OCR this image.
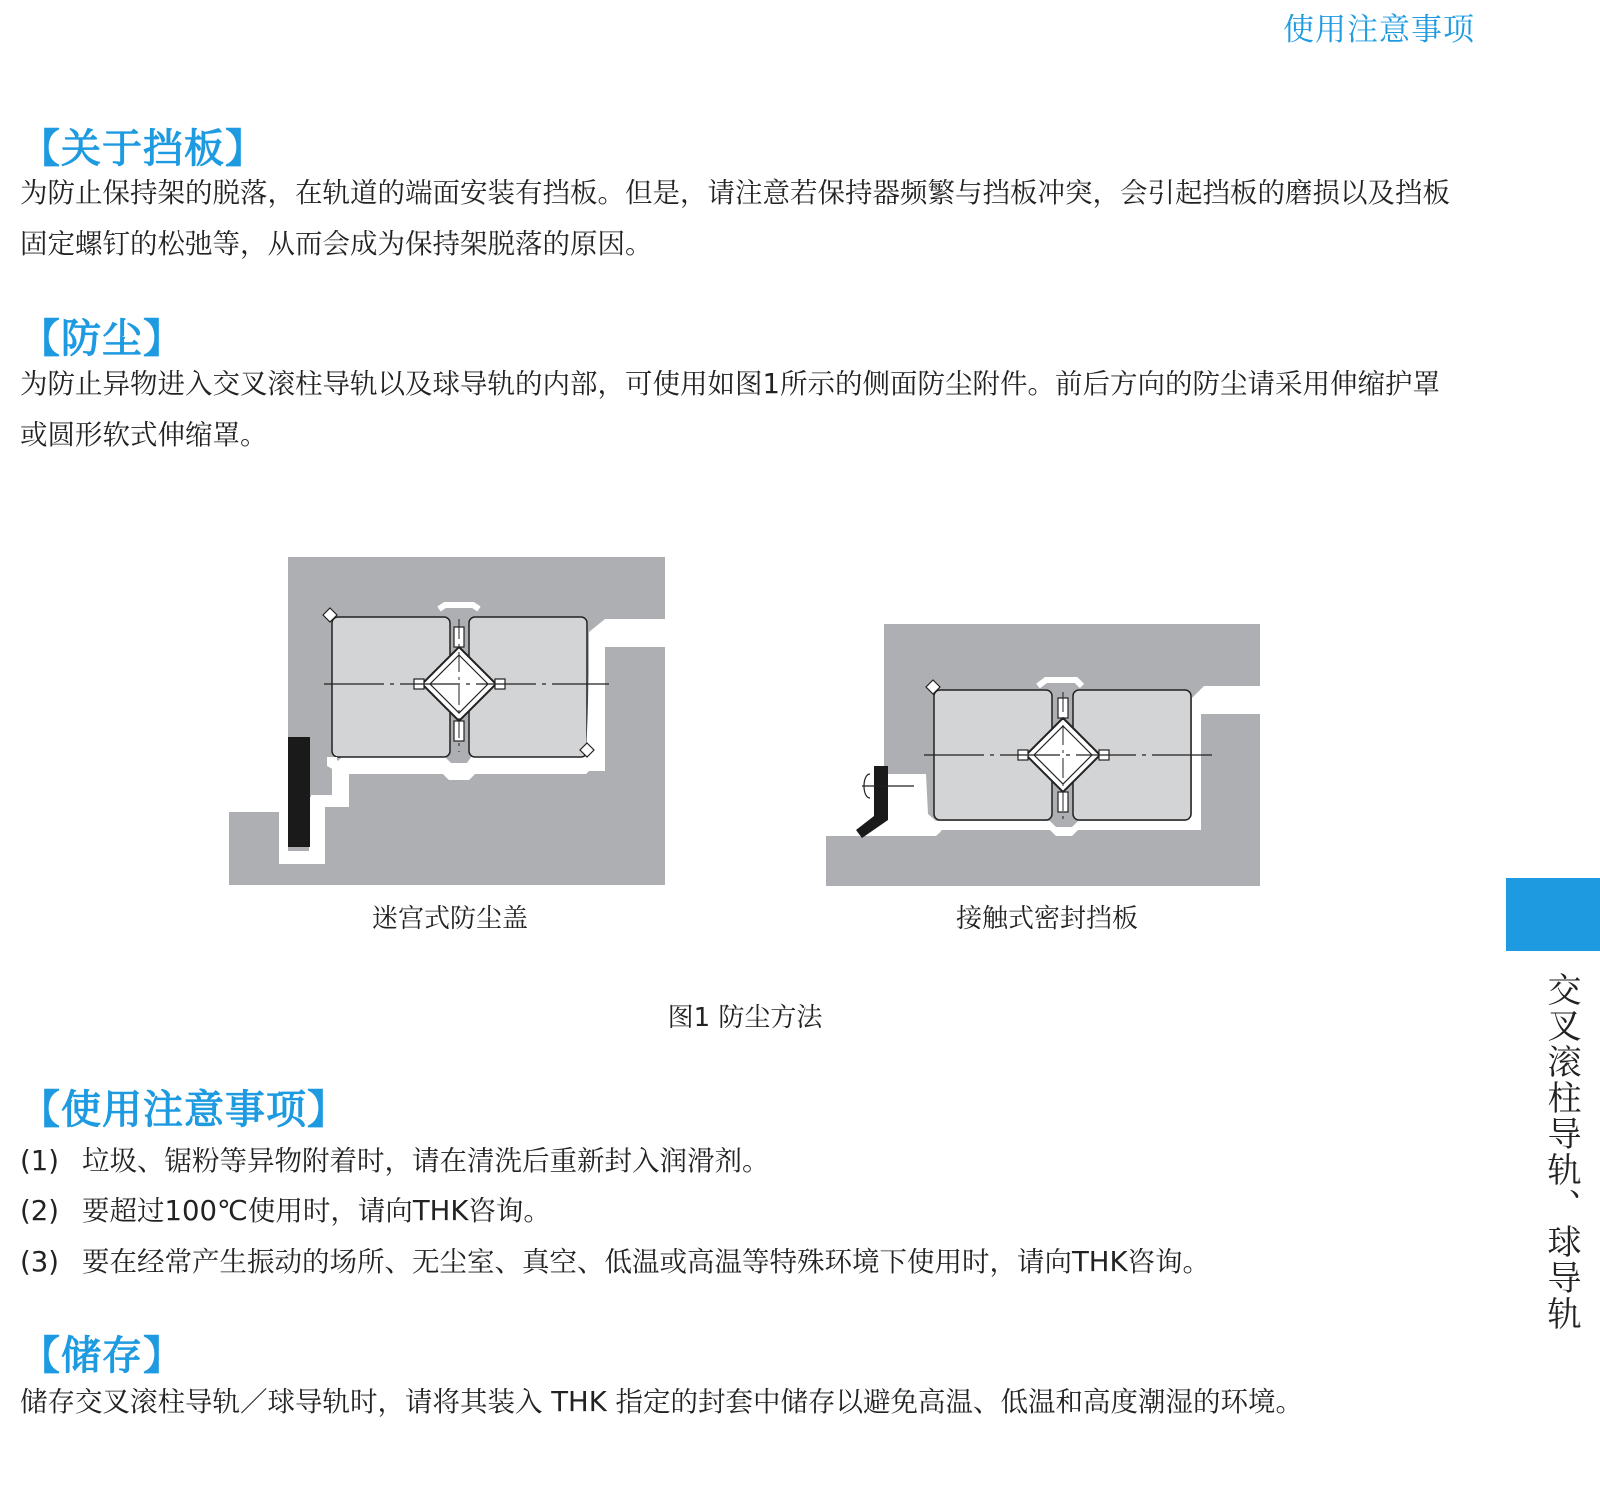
使用注意事项
【关于挡板】

为防止保持架的脱落，在轨道的端面安装有挡板。但是，请注意若保持器频繁与挡板冲突，会引起挡板的磨损以及挡板固定螺钉的松弛等，从而会成为保持架脱落的原因。

【防尘】

为防止异物进入交叉滚柱导轨以及球导轨的内部，可使用如图1所示的侧面防尘附件。前后方向的防尘请采用伸缩护罩或圆形软式伸缩罩。

迷宫式防尘盖	接触式密封挡板
图1 防尘方法
【使用注意事项】

(1) 垃圾、锯粉等异物附着时，请在清洗后重新封入润滑剂。

(2) 要超过100℃使用时，请向THK咨询。

(3) 要在经常产生振动的场所、无尘室、真空、低温或高温等特殊环境下使用时，请向THK咨询。

【储存】

储存交叉滚柱导轨／球导轨时，请将其装入 THK 指定的封套中储存以避免高温、低温和高度潮湿的环境。

交叉滚柱导轨、球导轨
